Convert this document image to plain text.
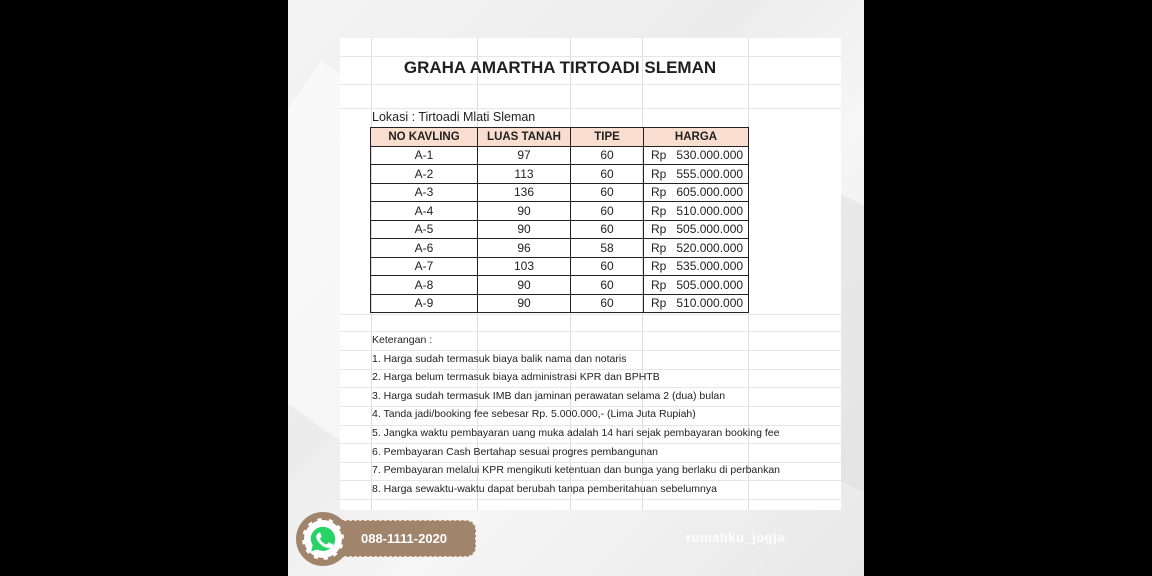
GRAHA AMARTHA TIRTOADI SLEMAN
Lokasi : Tirtoadi Mlati Sleman
NO KAVLING	LUAS TANAH	TIPE	HARGA
A-1	97	60	Rp   530.000.000
A-2	113	60	Rp   555.000.000
A-3	136	60	Rp   605.000.000
A-4	90	60	Rp   510.000.000
A-5	90	60	Rp   505.000.000
A-6	96	58	Rp   520.000.000
A-7	103	60	Rp   535.000.000
A-8	90	60	Rp   505.000.000
A-9	90	60	Rp   510.000.000
Keterangan :
1. Harga sudah termasuk biaya balik nama dan notaris
2. Harga belum termasuk biaya administrasi KPR dan BPHTB
3. Harga sudah termasuk IMB dan jaminan perawatan selama 2 (dua) bulan
4. Tanda jadi/booking fee sebesar Rp. 5.000.000,- (Lima Juta Rupiah)
5. Jangka waktu pembayaran uang muka adalah 14 hari sejak pembayaran booking fee
6. Pembayaran Cash Bertahap sesuai progres pembangunan
7. Pembayaran melalui KPR mengikuti ketentuan dan bunga yang berlaku di perbankan
8. Harga sewaktu-waktu dapat berubah tanpa pemberitahuan sebelumnya
088-1111-2020	rumahku_jogja
